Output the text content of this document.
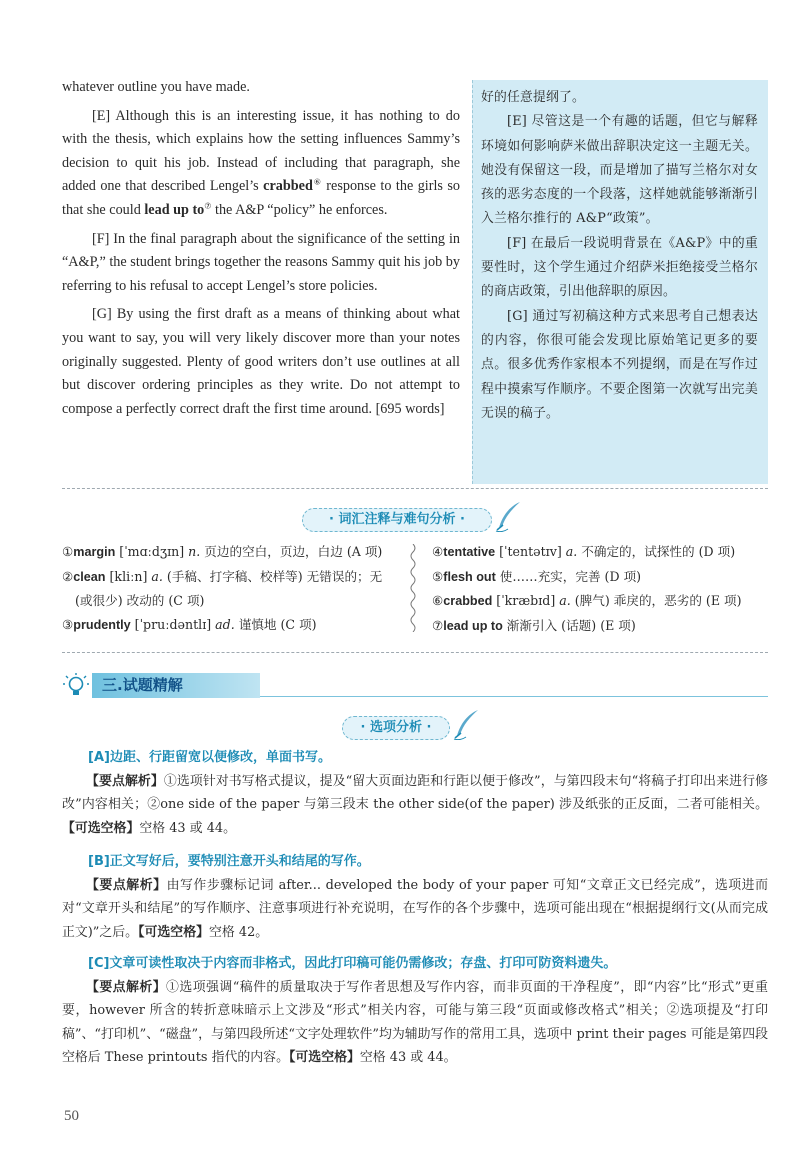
whatever outline you have made.

[E] Although this is an interesting issue, it has nothing to do with the thesis, which explains how the setting influences Sammy’s decision to quit his job. Instead of including that paragraph, she added one that described Lengel’s crabbed⑥ response to the girls so that she could lead up to⑦ the A&P “policy” he enforces.

[F] In the final paragraph about the significance of the setting in “A&P,” the student brings together the reasons Sammy quit his job by referring to his refusal to accept Lengel’s store policies.

[G] By using the first draft as a means of thinking about what you want to say, you will very likely discover more than your notes originally suggested. Plenty of good writers don’t use outlines at all but discover ordering principles as they write. Do not attempt to compose a perfectly correct draft the first time around. [695 words]

好的任意提纲了。

[E] 尽管这是一个有趣的话题，但它与解释环境如何影响萨米做出辞职决定这一主题无关。她没有保留这一段，而是增加了描写兰格尔对女孩的恶劣态度的一个段落，这样她就能够渐渐引入兰格尔推行的 A&P“政策”。

[F] 在最后一段说明背景在《A&P》中的重要性时，这个学生通过介绍萨米拒绝接受兰格尔的商店政策，引出他辞职的原因。

[G] 通过写初稿这种方式来思考自己想表达的内容，你很可能会发现比原始笔记更多的要点。很多优秀作家根本不列提纲，而是在写作过程中摸索写作顺序。不要企图第一次就写出完美无误的稿子。

· 词汇注释与难句分析 ·
①margin [ˈmɑːdʒɪn] n. 页边的空白，页边，白边 (A 项)
②clean [kliːn] a. (手稿、打字稿、校样等) 无错误的；无
(或很少) 改动的 (C 项)
③prudently [ˈpruːdəntlɪ] ad. 谨慎地 (C 项)
④tentative [ˈtentətɪv] a. 不确定的，试探性的 (D 项)
⑤flesh out 使……充实，完善 (D 项)
⑥crabbed [ˈkræbɪd] a. (脾气) 乖戾的，恶劣的 (E 项)
⑦lead up to 渐渐引入 (话题) (E 项)
三.试题精解
· 选项分析 ·
[A]边距、行距留宽以便修改，单面书写。
【要点解析】①选项针对书写格式提议，提及“留大页面边距和行距以便于修改”，与第四段末句“将稿子打印出来进行修改”内容相关；②one side of the paper 与第三段末 the other side(of the paper) 涉及纸张的正反面，二者可能相关。【可选空格】空格 43 或 44。
[B]正文写好后，要特别注意开头和结尾的写作。
【要点解析】由写作步骤标记词 after... developed the body of your paper 可知“文章正文已经完成”，选项进而对“文章开头和结尾”的写作顺序、注意事项进行补充说明，在写作的各个步骤中，选项可能出现在“根据提纲行文(从而完成正文)”之后。【可选空格】空格 42。
[C]文章可读性取决于内容而非格式，因此打印稿可能仍需修改；存盘、打印可防资料遗失。
【要点解析】①选项强调“稿件的质量取决于写作者思想及写作内容，而非页面的干净程度”，即“内容”比“形式”更重要，however 所含的转折意味暗示上文涉及“形式”相关内容，可能与第三段“页面或修改格式”相关；②选项提及“打印稿”、“打印机”、“磁盘”，与第四段所述“文字处理软件”均为辅助写作的常用工具，选项中 print their pages 可能是第四段空格后 These printouts 指代的内容。【可选空格】空格 43 或 44。
50
